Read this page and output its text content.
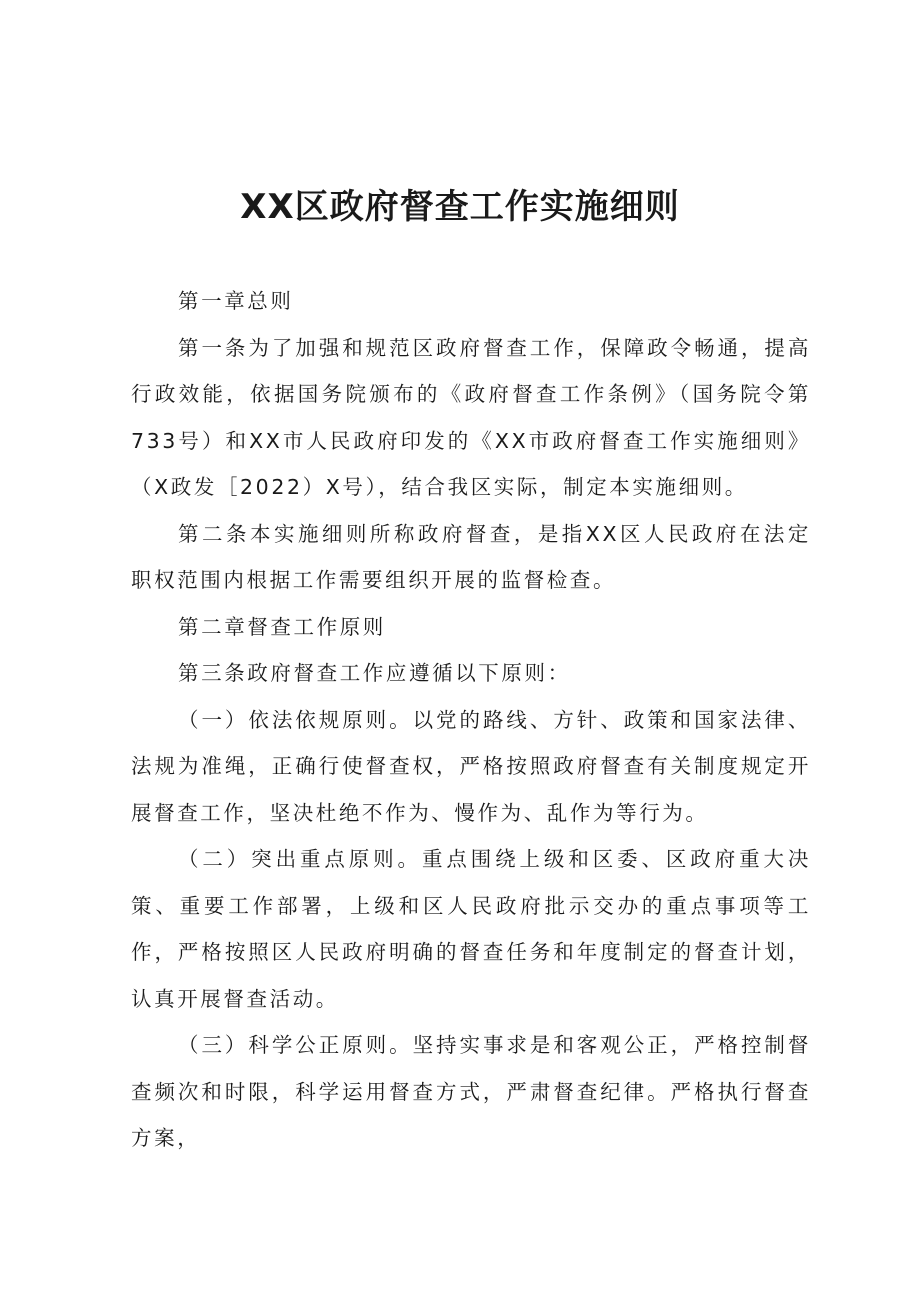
XX区政府督查工作实施细则

第一章总则

第一条为了加强和规范区政府督查工作，保障政令畅通，提高行政效能，依据国务院颁布的《政府督查工作条例》（国务院令第733号）和XX市人民政府印发的《XX市政府督查工作实施细则》（X政发［2022）X号），结合我区实际，制定本实施细则。

第二条本实施细则所称政府督查，是指XX区人民政府在法定职权范围内根据工作需要组织开展的监督检查。

第二章督查工作原则

第三条政府督查工作应遵循以下原则：

（一）依法依规原则。以党的路线、方针、政策和国家法律、法规为准绳，正确行使督查权，严格按照政府督查有关制度规定开展督查工作，坚决杜绝不作为、慢作为、乱作为等行为。

（二）突出重点原则。重点围绕上级和区委、区政府重大决策、重要工作部署，上级和区人民政府批示交办的重点事项等工作，严格按照区人民政府明确的督查任务和年度制定的督查计划，认真开展督查活动。

（三）科学公正原则。坚持实事求是和客观公正，严格控制督查频次和时限，科学运用督查方式，严肃督查纪律。严格执行督查方案，
